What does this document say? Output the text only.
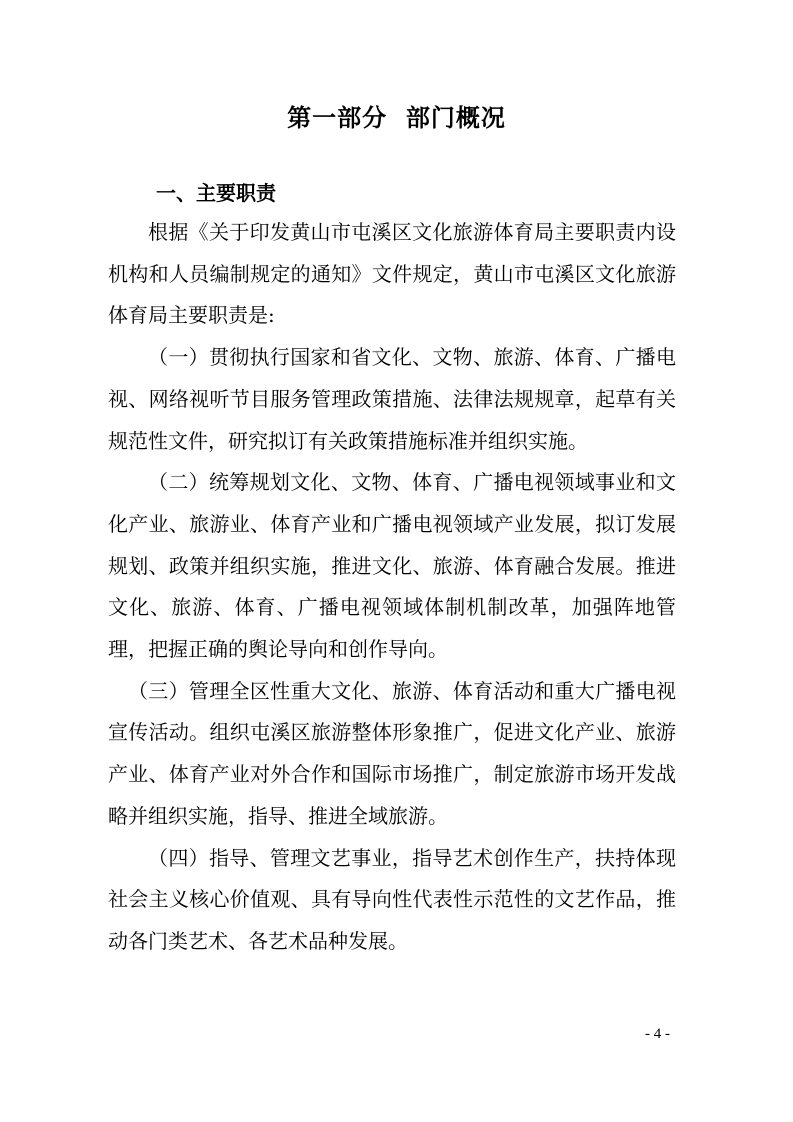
第一部分  部门概况
一、主要职责

根据《关于印发黄山市屯溪区文化旅游体育局主要职责内设机构和人员编制规定的通知》文件规定，黄山市屯溪区文化旅游体育局主要职责是:

（一）贯彻执行国家和省文化、文物、旅游、体育、广播电视、网络视听节目服务管理政策措施、法律法规规章，起草有关规范性文件，研究拟订有关政策措施标准并组织实施。

（二）统筹规划文化、文物、体育、广播电视领域事业和文化产业、旅游业、体育产业和广播电视领域产业发展，拟订发展规划、政策并组织实施，推进文化、旅游、体育融合发展。推进文化、旅游、体育、广播电视领域体制机制改革，加强阵地管理，把握正确的舆论导向和创作导向。

（三）管理全区性重大文化、旅游、体育活动和重大广播电视宣传活动。组织屯溪区旅游整体形象推广，促进文化产业、旅游产业、体育产业对外合作和国际市场推广，制定旅游市场开发战略并组织实施，指导、推进全域旅游。

（四）指导、管理文艺事业，指导艺术创作生产，扶持体现社会主义核心价值观、具有导向性代表性示范性的文艺作品，推动各门类艺术、各艺术品种发展。

- 4 -
